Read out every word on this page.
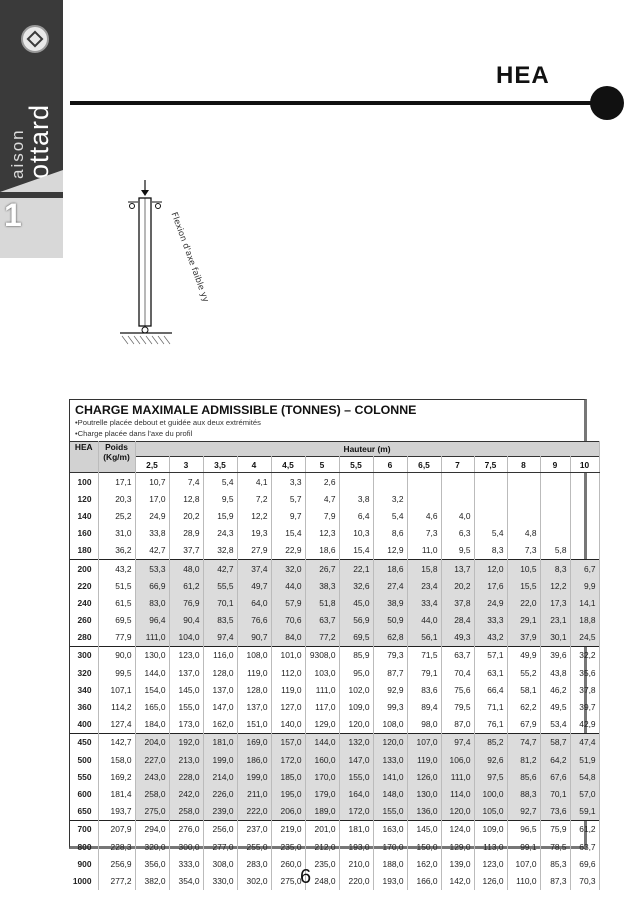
aison
ottard
1
HEA
Flexion d'axe faible yy
CHARGE MAXIMALE ADMISSIBLE (TONNES) – COLONNE
•Poutrelle placée debout et guidée aux deux extrémités
•Charge placée dans l'axe du profil
HEA	Poids (Kg/m)	Hauteur (m)													
		2,5	3	3,5	4	4,5	5	5,5	6	6,5	7	7,5	8	9	10
100	17,1	10,7	7,4	5,4	4,1	3,3	2,6								
120	20,3	17,0	12,8	9,5	7,2	5,7	4,7	3,8	3,2						
140	25,2	24,9	20,2	15,9	12,2	9,7	7,9	6,4	5,4	4,6	4,0				
160	31,0	33,8	28,9	24,3	19,3	15,4	12,3	10,3	8,6	7,3	6,3	5,4	4,8		
180	36,2	42,7	37,7	32,8	27,9	22,9	18,6	15,4	12,9	11,0	9,5	8,3	7,3	5,8	
200	43,2	53,3	48,0	42,7	37,4	32,0	26,7	22,1	18,6	15,8	13,7	12,0	10,5	8,3	6,7
220	51,5	66,9	61,2	55,5	49,7	44,0	38,3	32,6	27,4	23,4	20,2	17,6	15,5	12,2	9,9
240	61,5	83,0	76,9	70,1	64,0	57,9	51,8	45,0	38,9	33,4	37,8	24,9	22,0	17,3	14,1
260	69,5	96,4	90,4	83,5	76,6	70,6	63,7	56,9	50,9	44,0	28,4	33,3	29,1	23,1	18,8
280	77,9	111,0	104,0	97,4	90,7	84,0	77,2	69,5	62,8	56,1	49,3	43,2	37,9	30,1	24,5
300	90,0	130,0	123,0	116,0	108,0	101,0	9308,0	85,9	79,3	71,5	63,7	57,1	49,9	39,6	32,2
320	99,5	144,0	137,0	128,0	119,0	112,0	103,0	95,0	87,7	79,1	70,4	63,1	55,2	43,8	35,6
340	107,1	154,0	145,0	137,0	128,0	119,0	111,0	102,0	92,9	83,6	75,6	66,4	58,1	46,2	37,8
360	114,2	165,0	155,0	147,0	137,0	127,0	117,0	109,0	99,3	89,4	79,5	71,1	62,2	49,5	39,7
400	127,4	184,0	173,0	162,0	151,0	140,0	129,0	120,0	108,0	98,0	87,0	76,1	67,9	53,4	42,9
450	142,7	204,0	192,0	181,0	169,0	157,0	144,0	132,0	120,0	107,0	97,4	85,2	74,7	58,7	47,4
500	158,0	227,0	213,0	199,0	186,0	172,0	160,0	147,0	133,0	119,0	106,0	92,6	81,2	64,2	51,9
550	169,2	243,0	228,0	214,0	199,0	185,0	170,0	155,0	141,0	126,0	111,0	97,5	85,6	67,6	54,8
600	181,4	258,0	242,0	226,0	211,0	195,0	179,0	164,0	148,0	130,0	114,0	100,0	88,3	70,1	57,0
650	193,7	275,0	258,0	239,0	222,0	206,0	189,0	172,0	155,0	136,0	120,0	105,0	92,7	73,6	59,1
700	207,9	294,0	276,0	256,0	237,0	219,0	201,0	181,0	163,0	145,0	124,0	109,0	96,5	75,9	61,2
800	228,3	320,0	300,0	277,0	255,0	235,0	212,0	193,0	170,0	150,0	129,0	113,0	99,1	78,5	63,7
900	256,9	356,0	333,0	308,0	283,0	260,0	235,0	210,0	188,0	162,0	139,0	123,0	107,0	85,3	69,6
1000	277,2	382,0	354,0	330,0	302,0	275,0	248,0	220,0	193,0	166,0	142,0	126,0	110,0	87,3	70,3
6
